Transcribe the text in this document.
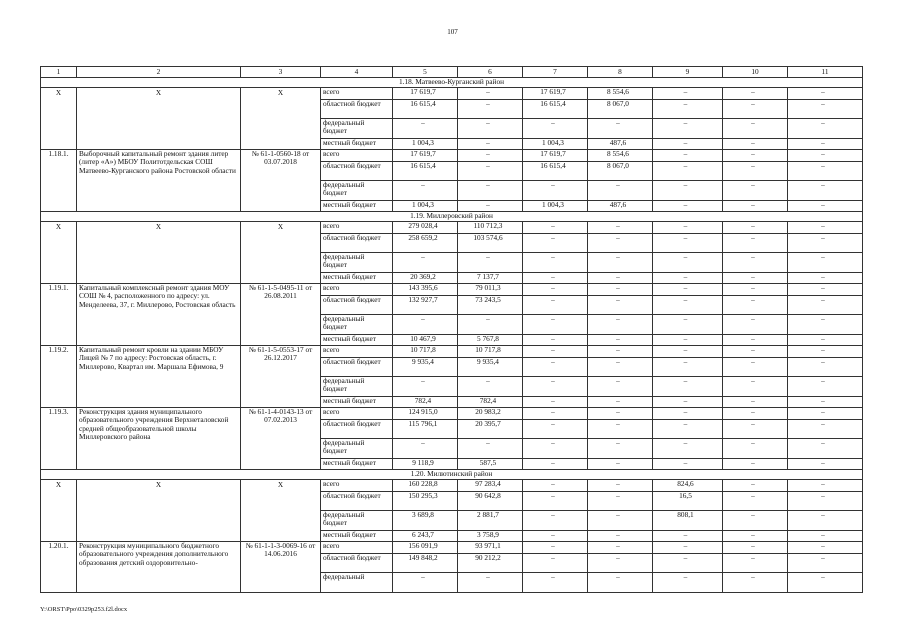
107
1	2	3	4	5	6	7	8	9	10	11
1.18. Матвеево-Курганский район										
Х	Х	Х	всего	17 619,7	–	17 619,7	8 554,6	–	–	–
			областной бюджет	16 615,4	–	16 615,4	8 067,0	–	–	–
			федеральный бюджет	–	–	–	–	–	–	–
			местный бюджет	1 004,3	–	1 004,3	487,6	–	–	–
1.18.1.	Выборочный капитальный ремонт здания литер (литер «А») МБОУ Политотдельская СОШ Матвеево-Курганского района Ростовской области	№ 61-1-0560-18 от 03.07.2018	всего	17 619,7	–	17 619,7	8 554,6	–	–	–
			областной бюджет	16 615,4	–	16 615,4	8 067,0	–	–	–
			федеральный бюджет	–	–	–	–	–	–	–
			местный бюджет	1 004,3	–	1 004,3	487,6	–	–	–
1.19. Миллеровский район										
Х	Х	Х	всего	279 028,4	110 712,3	–	–	–	–	–
			областной бюджет	258 659,2	103 574,6	–	–	–	–	–
			федеральный бюджет	–	–	–	–	–	–	–
			местный бюджет	20 369,2	7 137,7	–	–	–	–	–
1.19.1.	Капитальный комплексный ремонт здания МОУ СОШ № 4, расположенного по адресу: ул. Менделеева, 37, г. Миллерово, Ростовская область	№ 61-1-5-0495-11 от 26.08.2011	всего	143 395,6	79 011,3	–	–	–	–	–
			областной бюджет	132 927,7	73 243,5	–	–	–	–	–
			федеральный бюджет	–	–	–	–	–	–	–
			местный бюджет	10 467,9	5 767,8	–	–	–	–	–
1.19.2.	Капитальный ремонт кровли на здании МБОУ Лицей № 7 по адресу: Ростовская область, г. Миллерово, Квартал им. Маршала Ефимова, 9	№ 61-1-5-0553-17 от 26.12.2017	всего	10 717,8	10 717,8	–	–	–	–	–
			областной бюджет	9 935,4	9 935,4	–	–	–	–	–
			федеральный бюджет	–	–	–	–	–	–	–
			местный бюджет	782,4	782,4	–	–	–	–	–
1.19.3.	Реконструкция здания муниципального образовательного учреждения Верхнеталовской средней общеобразовательной школы Миллеровского района	№ 61-1-4-0143-13 от 07.02.2013	всего	124 915,0	20 983,2	–	–	–	–	–
			областной бюджет	115 796,1	20 395,7	–	–	–	–	–
			федеральный бюджет	–	–	–	–	–	–	–
			местный бюджет	9 118,9	587,5	–	–	–	–	–
1.20. Милютинский район										
Х	Х	Х	всего	160 228,8	97 283,4	–	–	824,6	–	–
			областной бюджет	150 295,3	90 642,8	–	–	16,5	–	–
			федеральный бюджет	3 689,8	2 881,7	–	–	808,1	–	–
			местный бюджет	6 243,7	3 758,9	–	–	–	–	–
1.20.1.	Реконструкция муниципального бюджетного образовательного учреждения дополнительного образования детский оздоровительно-	№ 61-1-1-3-0069-16 от 14.06.2016	всего	156 091,9	93 971,1	–	–	–	–	–
			областной бюджет	149 848,2	90 212,2	–	–	–	–	–
			федеральный	–	–	–	–	–	–	–
Y:\ORST\Ppo\0329p253.f2l.docx
